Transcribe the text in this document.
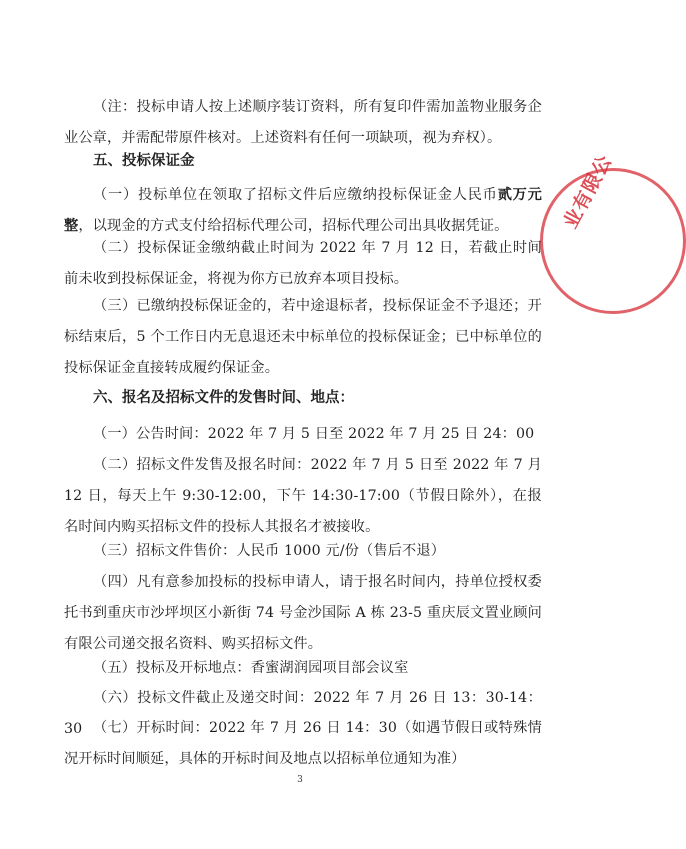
业有限公

（注：投标申请人按上述顺序装订资料，所有复印件需加盖物业服务企业公章，并需配带原件核对。上述资料有任何一项缺项，视为弃权）。

五、投标保证金

（一）投标单位在领取了招标文件后应缴纳投标保证金人民币贰万元整，以现金的方式支付给招标代理公司，招标代理公司出具收据凭证。

（二）投标保证金缴纳截止时间为 2022 年 7 月 12 日，若截止时间前未收到投标保证金，将视为你方已放弃本项目投标。

（三）已缴纳投标保证金的，若中途退标者，投标保证金不予退还；开标结束后，5 个工作日内无息退还未中标单位的投标保证金；已中标单位的投标保证金直接转成履约保证金。

六、报名及招标文件的发售时间、地点：

（一）公告时间：2022 年 7 月 5 日至 2022 年 7 月 25 日 24：00

（二）招标文件发售及报名时间：2022 年 7 月 5 日至 2022 年 7 月 12 日，每天上午 9:30-12:00，下午 14:30-17:00（节假日除外），在报名时间内购买招标文件的投标人其报名才被接收。

（三）招标文件售价：人民币 1000 元/份（售后不退）

（四）凡有意参加投标的投标申请人，请于报名时间内，持单位授权委托书到重庆市沙坪坝区小新街 74 号金沙国际 A 栋 23-5 重庆辰文置业顾问有限公司递交报名资料、购买招标文件。

（五）投标及开标地点：香蜜湖润园项目部会议室

（六）投标文件截止及递交时间：2022 年 7 月 26 日 13：30-14：30 （七）开标时间：2022 年 7 月 26 日 14：30（如遇节假日或特殊情况开标时间顺延，具体的开标时间及地点以招标单位通知为准）

3
